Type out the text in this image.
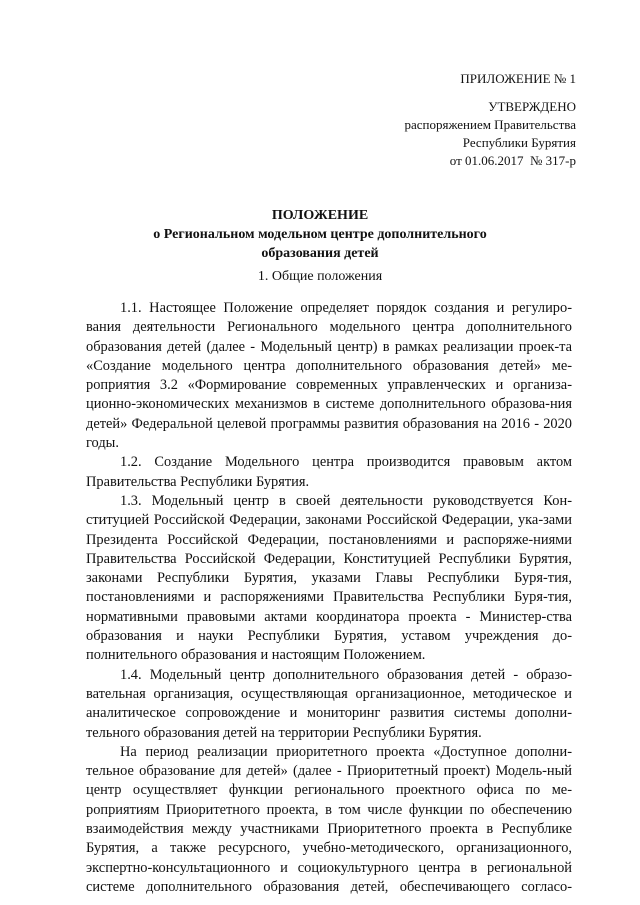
ПРИЛОЖЕНИЕ № 1
УТВЕРЖДЕНО
распоряжением Правительства
Республики Бурятия
от 01.06.2017  № 317-р
ПОЛОЖЕНИЕ
о Региональном модельном центре дополнительного
образования детей
1. Общие положения

1.1. Настоящее Положение определяет порядок создания и регулиро-вания деятельности Регионального модельного центра дополнительного образования детей (далее - Модельный центр) в рамках реализации проек-та «Создание модельного центра дополнительного образования детей» ме-роприятия 3.2 «Формирование современных управленческих и организа-ционно-экономических механизмов в системе дополнительного образова-ния детей» Федеральной целевой программы развития образования на 2016 - 2020 годы.

1.2. Создание Модельного центра производится правовым актом Правительства Республики Бурятия.

1.3. Модельный центр в своей деятельности руководствуется Кон-ституцией Российской Федерации, законами Российской Федерации, ука-зами Президента Российской Федерации, постановлениями и распоряже-ниями Правительства Российской Федерации, Конституцией Республики Бурятия, законами Республики Бурятия, указами Главы Республики Буря-тия, постановлениями и распоряжениями Правительства Республики Буря-тия, нормативными правовыми актами координатора проекта - Министер-ства образования и науки Республики Бурятия, уставом учреждения до-полнительного образования и настоящим Положением.

1.4. Модельный центр дополнительного образования детей - образо-вательная организация, осуществляющая организационное, методическое и аналитическое сопровождение и мониторинг развития системы дополни-тельного образования детей на территории Республики Бурятия.

На период реализации приоритетного проекта «Доступное дополни-тельное образование для детей» (далее - Приоритетный проект) Модель-ный центр осуществляет функции регионального проектного офиса по ме-роприятиям Приоритетного проекта, в том числе функции по обеспечению взаимодействия между участниками Приоритетного проекта в Республике Бурятия, а также ресурсного, учебно-методического, организационного, экспертно-консультационного и социокультурного центра в региональной системе дополнительного образования детей, обеспечивающего согласо-
